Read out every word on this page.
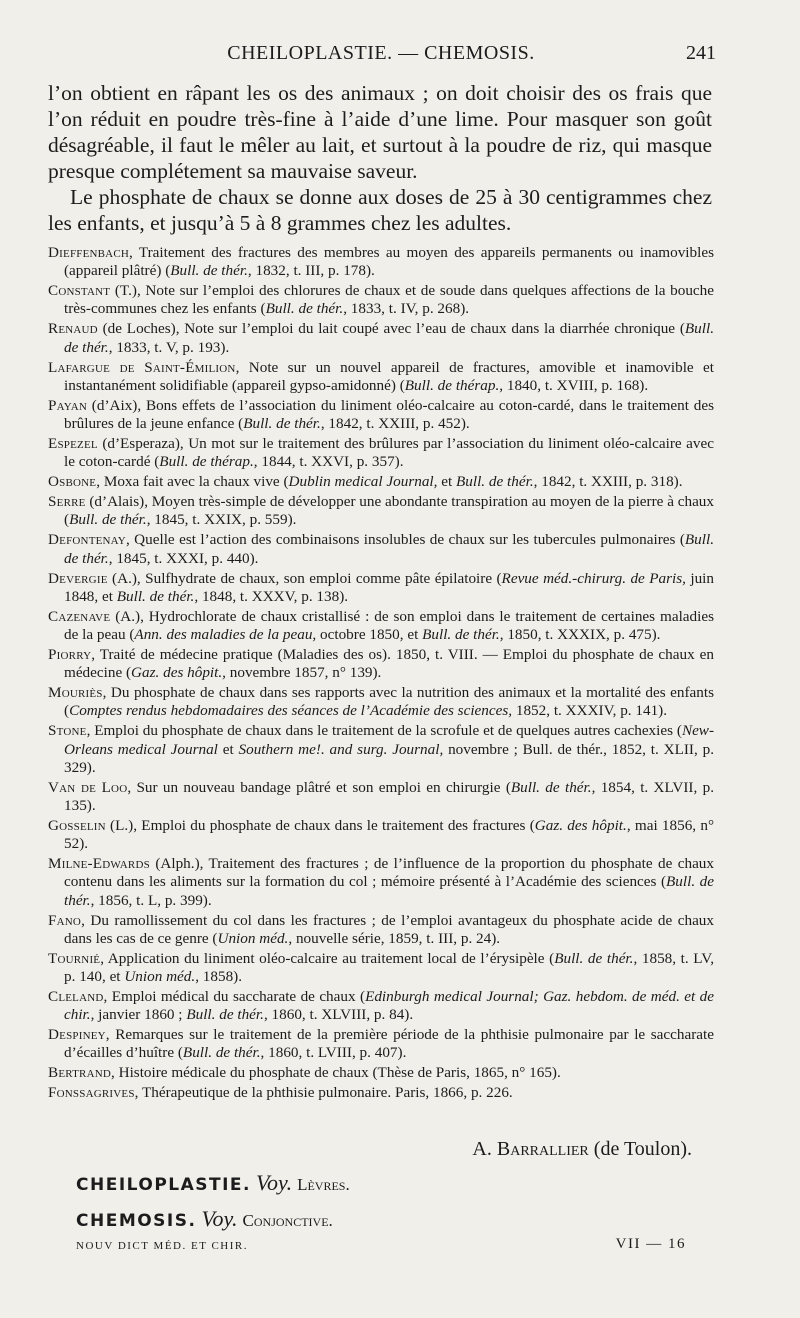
CHEILOPLASTIE. — CHEMOSIS.	241

l’on obtient en râpant les os des animaux ; on doit choisir des os frais que l’on réduit en poudre très-fine à l’aide d’une lime. Pour masquer son goût désagréable, il faut le mêler au lait, et surtout à la poudre de riz, qui masque presque complétement sa mauvaise saveur.

Le phosphate de chaux se donne aux doses de 25 à 30 centigrammes chez les enfants, et jusqu’à 5 à 8 grammes chez les adultes.

Dieffenbach, Traitement des fractures des membres au moyen des appareils permanents ou inamovibles (appareil plâtré) (Bull. de thér., 1832, t. III, p. 178).

Constant (T.), Note sur l’emploi des chlorures de chaux et de soude dans quelques affections de la bouche très-communes chez les enfants (Bull. de thér., 1833, t. IV, p. 268).

Renaud (de Loches), Note sur l’emploi du lait coupé avec l’eau de chaux dans la diarrhée chronique (Bull. de thér., 1833, t. V, p. 193).

Lafargue de Saint-Émilion, Note sur un nouvel appareil de fractures, amovible et inamovible et instantanément solidifiable (appareil gypso-amidonné) (Bull. de thérap., 1840, t. XVIII, p. 168).

Payan (d’Aix), Bons effets de l’association du liniment oléo-calcaire au coton-cardé, dans le traitement des brûlures de la jeune enfance (Bull. de thér., 1842, t. XXIII, p. 452).

Espezel (d’Esperaza), Un mot sur le traitement des brûlures par l’association du liniment oléo-calcaire avec le coton-cardé (Bull. de thérap., 1844, t. XXVI, p. 357).

Osbone, Moxa fait avec la chaux vive (Dublin medical Journal, et Bull. de thér., 1842, t. XXIII, p. 318).

Serre (d’Alais), Moyen très-simple de développer une abondante transpiration au moyen de la pierre à chaux (Bull. de thér., 1845, t. XXIX, p. 559).

Defontenay, Quelle est l’action des combinaisons insolubles de chaux sur les tubercules pulmonaires (Bull. de thér., 1845, t. XXXI, p. 440).

Devergie (A.), Sulfhydrate de chaux, son emploi comme pâte épilatoire (Revue méd.-chirurg. de Paris, juin 1848, et Bull. de thér., 1848, t. XXXV, p. 138).

Cazenave (A.), Hydrochlorate de chaux cristallisé : de son emploi dans le traitement de certaines maladies de la peau (Ann. des maladies de la peau, octobre 1850, et Bull. de thér., 1850, t. XXXIX, p. 475).

Piorry, Traité de médecine pratique (Maladies des os). 1850, t. VIII. — Emploi du phosphate de chaux en médecine (Gaz. des hôpit., novembre 1857, n° 139).

Mouriès, Du phosphate de chaux dans ses rapports avec la nutrition des animaux et la mortalité des enfants (Comptes rendus hebdomadaires des séances de l’Académie des sciences, 1852, t. XXXIV, p. 141).

Stone, Emploi du phosphate de chaux dans le traitement de la scrofule et de quelques autres cachexies (New-Orleans medical Journal et Southern me!. and surg. Journal, novembre ; Bull. de thér., 1852, t. XLII, p. 329).

Van de Loo, Sur un nouveau bandage plâtré et son emploi en chirurgie (Bull. de thér., 1854, t. XLVII, p. 135).

Gosselin (L.), Emploi du phosphate de chaux dans le traitement des fractures (Gaz. des hôpit., mai 1856, n° 52).

Milne-Edwards (Alph.), Traitement des fractures ; de l’influence de la proportion du phosphate de chaux contenu dans les aliments sur la formation du col ; mémoire présenté à l’Académie des sciences (Bull. de thér., 1856, t. L, p. 399).

Fano, Du ramollissement du col dans les fractures ; de l’emploi avantageux du phosphate acide de chaux dans les cas de ce genre (Union méd., nouvelle série, 1859, t. III, p. 24).

Tournié, Application du liniment oléo-calcaire au traitement local de l’érysipèle (Bull. de thér., 1858, t. LV, p. 140, et Union méd., 1858).

Cleland, Emploi médical du saccharate de chaux (Edinburgh medical Journal; Gaz. hebdom. de méd. et de chir., janvier 1860 ; Bull. de thér., 1860, t. XLVIII, p. 84).

Despiney, Remarques sur le traitement de la première période de la phthisie pulmonaire par le saccharate d’écailles d’huître (Bull. de thér., 1860, t. LVIII, p. 407).

Bertrand, Histoire médicale du phosphate de chaux (Thèse de Paris, 1865, n° 165).

Fonssagrives, Thérapeutique de la phthisie pulmonaire. Paris, 1866, p. 226.

A. Barrallier (de Toulon).
CHEILOPLASTIE. Voy. Lèvres.
CHEMOSIS. Voy. Conjonctive.
NOUV DICT MÉD. ET CHIR.	VII — 16
